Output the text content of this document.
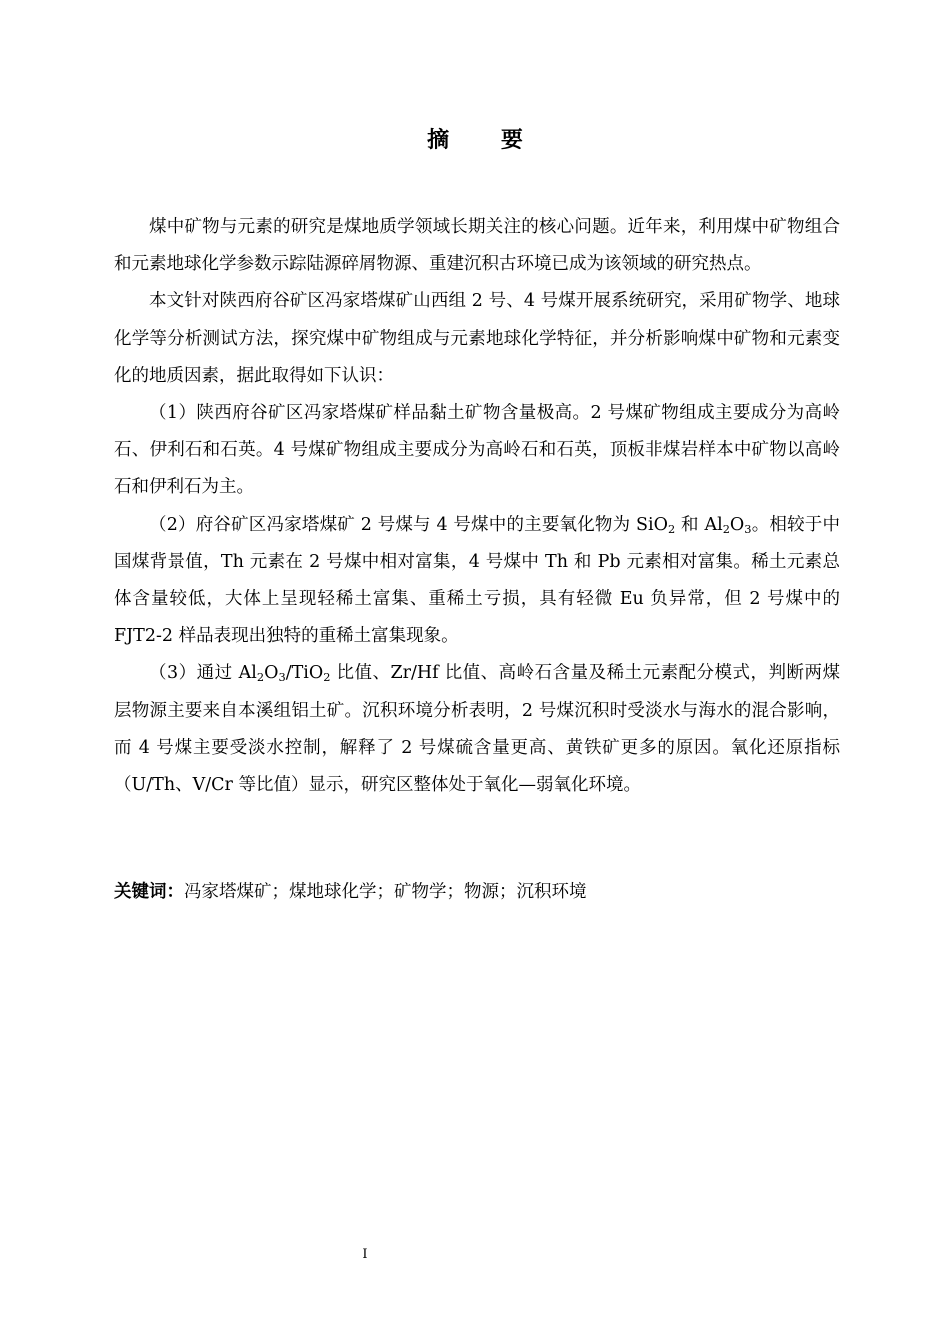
摘 要

煤中矿物与元素的研究是煤地质学领域长期关注的核心问题。近年来，利用煤中矿物组合和元素地球化学参数示踪陆源碎屑物源、重建沉积古环境已成为该领域的研究热点。

本文针对陕西府谷矿区冯家塔煤矿山西组 2 号、4 号煤开展系统研究，采用矿物学、地球化学等分析测试方法，探究煤中矿物组成与元素地球化学特征，并分析影响煤中矿物和元素变化的地质因素，据此取得如下认识：

（1）陕西府谷矿区冯家塔煤矿样品黏土矿物含量极高。2 号煤矿物组成主要成分为高岭石、伊利石和石英。4 号煤矿物组成主要成分为高岭石和石英，顶板非煤岩样本中矿物以高岭石和伊利石为主。

（2）府谷矿区冯家塔煤矿 2 号煤与 4 号煤中的主要氧化物为 SiO$_2$ 和 $Al_2O_3$。相较于中国煤背景值，Th 元素在 2 号煤中相对富集，4 号煤中 Th 和 Pb 元素相对富集。稀土元素总体含量较低，大体上呈现轻稀土富集、重稀土亏损，具有轻微 Eu 负异常，但 2 号煤中的 FJT2-2 样品表现出独特的重稀土富集现象。

（3）通过 $Al_2O_3/TiO_2$ 比值、Zr/Hf 比值、高岭石含量及稀土元素配分模式，判断两煤层物源主要来自本溪组铝土矿。沉积环境分析表明，2 号煤沉积时受淡水与海水的混合影响，而 4 号煤主要受淡水控制，解释了 2 号煤硫含量更高、黄铁矿更多的原因。氧化还原指标（U/Th、V/Cr 等比值）显示，研究区整体处于氧化—弱氧化环境。

关键词：冯家塔煤矿；煤地球化学；矿物学；物源；沉积环境
I
